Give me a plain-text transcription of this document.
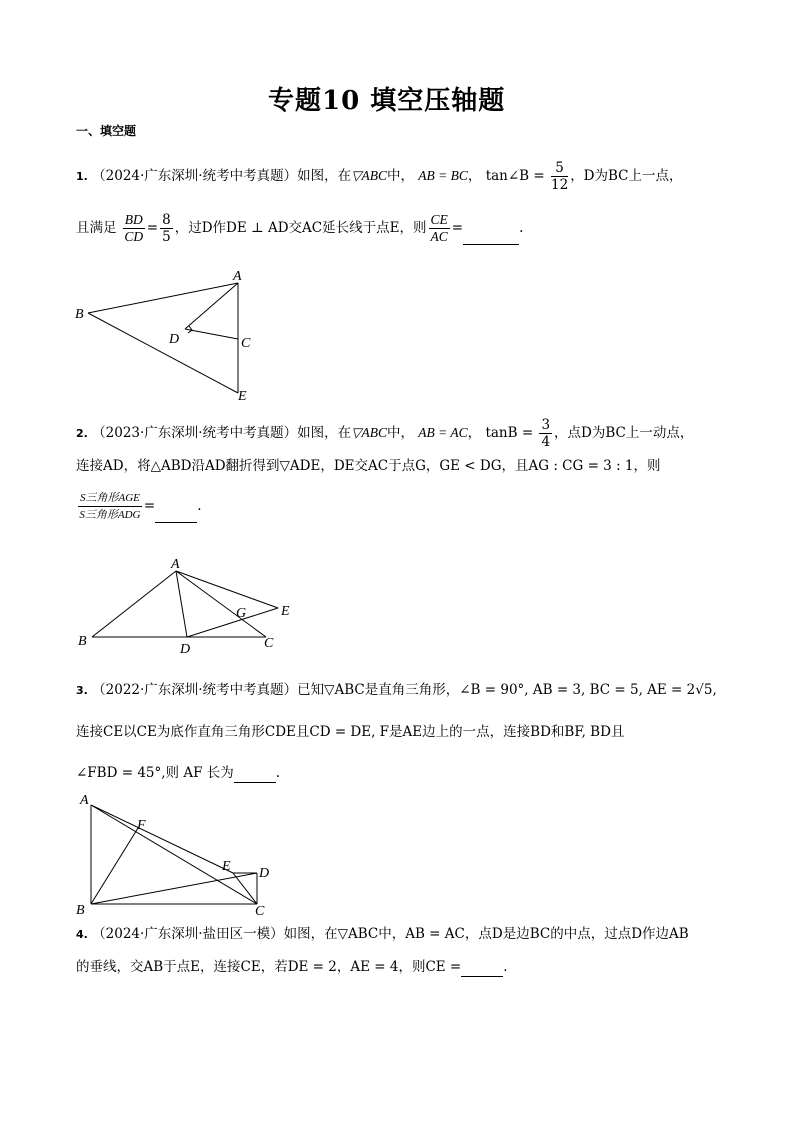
专题10 填空压轴题
一、填空题
1. （2024·广东深圳·统考中考真题）如图，在▽ABC中， AB = BC， tan∠B = $\frac{5}{12}$ ，D为BC上一点，
且满足 $\frac{BD}{CD} = \frac{8}{5}$ ，过D作DE ⊥ AD交AC延长线于点E，则 $\frac{CE}{AC}$ =	.
A
B
C
D
E
2. （2023·广东深圳·统考中考真题）如图，在▽ABC中， AB = AC， $\tan B = \frac{3}{4}$ ，点D为BC上一动点，
连接AD，将△ABD沿AD翻折得到▽ADE，DE交AC于点G，GE < DG，且AG : CG = 3 : 1，则
$\frac{\text{S三角形AGE}}{\text{S三角形ADG}}$ =	.
A
B	C
D
E
G
3. （2022·广东深圳·统考中考真题）已知▽ABC是直角三角形，∠B = 90°, AB = 3, BC = 5, AE = 2√5,
连接CE以CE为底作直角三角形CDE且CD = DE, F是AE边上的一点，连接BD和BF, BD且
∠FBD = 45°,则 AF 长为	.
A
B	C
D
E
F
4. （2024·广东深圳·盐田区一模）如图，在▽ABC中，AB = AC，点D是边BC的中点，过点D作边AB
的垂线，交AB于点E，连接CE，若DE = 2，AE = 4，则CE =	.
